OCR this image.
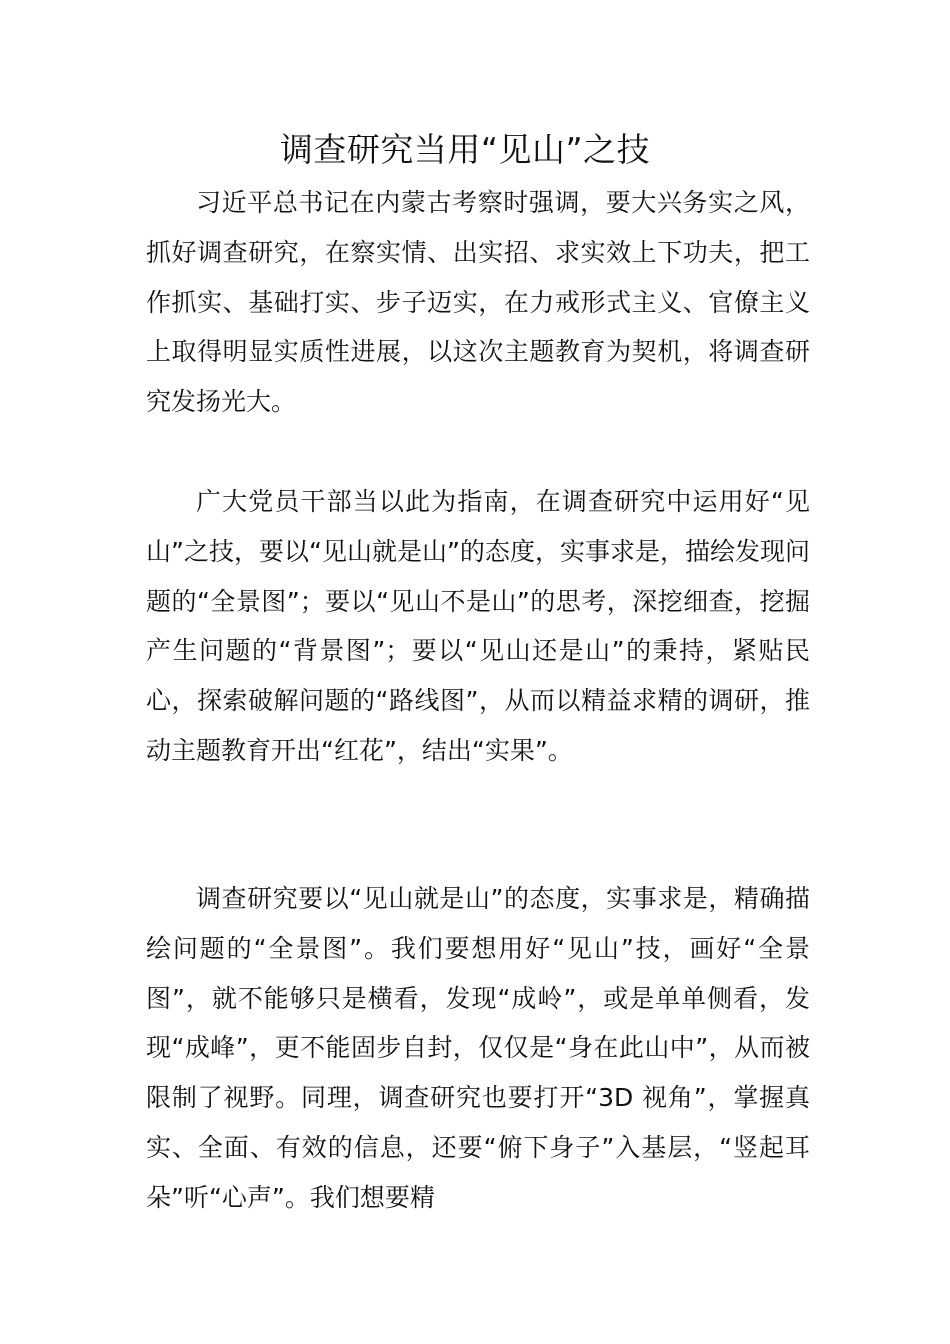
调查研究当用“见山”之技

习近平总书记在内蒙古考察时强调，要大兴务实之风，抓好调查研究，在察实情、出实招、求实效上下功夫，把工作抓实、基础打实、步子迈实，在力戒形式主义、官僚主义上取得明显实质性进展，以这次主题教育为契机，将调查研究发扬光大。

广大党员干部当以此为指南，在调查研究中运用好“见山”之技，要以“见山就是山”的态度，实事求是，描绘发现问题的“全景图”；要以“见山不是山”的思考，深挖细查，挖掘产生问题的“背景图”；要以“见山还是山”的秉持，紧贴民心，探索破解问题的“路线图”，从而以精益求精的调研，推动主题教育开出“红花”，结出“实果”。

调查研究要以“见山就是山”的态度，实事求是，精确描绘问题的“全景图”。我们要想用好“见山”技，画好“全景图”，就不能够只是横看，发现“成岭”，或是单单侧看，发现“成峰”，更不能固步自封，仅仅是“身在此山中”，从而被限制了视野。同理，调查研究也要打开“3D 视角”，掌握真实、全面、有效的信息，还要“俯下身子”入基层，“竖起耳朵”听“心声”。我们想要精
